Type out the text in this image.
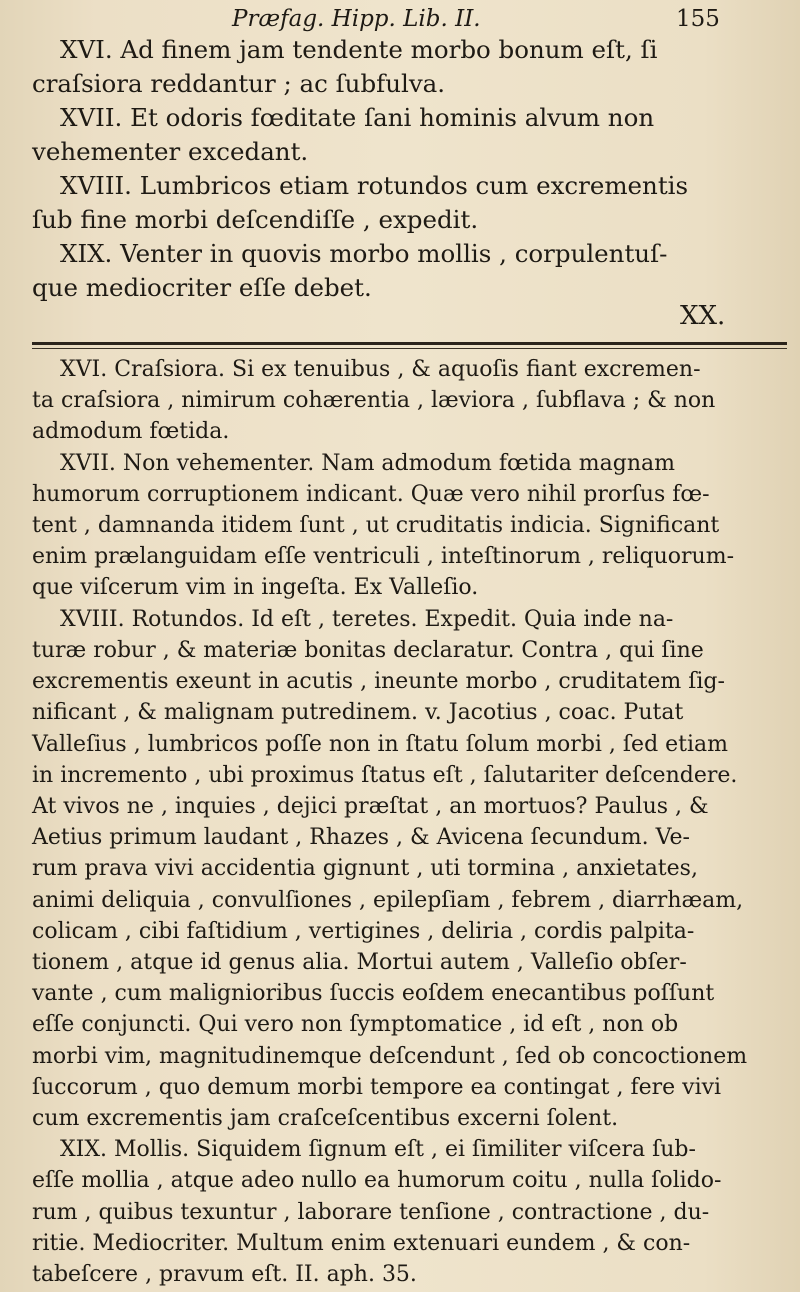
Præfag. Hipp. Lib. II.	155
XVI. Ad finem jam tendente morbo bonum eſt, ſi
craſsiora reddantur ; ac ſubfulva.
XVII. Et odoris fœditate ſani hominis alvum non
vehementer excedant.
XVIII. Lumbricos etiam rotundos cum excrementis
ſub fine morbi deſcendiſſe , expedit.
XIX. Venter in quovis morbo mollis , corpulentuſ-
que mediocriter eſſe debet.
XX.
XVI. Craſsiora. Si ex tenuibus , & aquoſis fiant excremen-
ta craſsiora , nimirum cohærentia , læviora , ſubflava ; & non
admodum fœtida.
XVII. Non vehementer. Nam admodum fœtida magnam
humorum corruptionem indicant. Quæ vero nihil prorſus fœ-
tent , damnanda itidem ſunt , ut cruditatis indicia. Significant
enim prælanguidam eſſe ventriculi , inteſtinorum , reliquorum-
que viſcerum vim in ingeſta. Ex Valleſio.
XVIII. Rotundos. Id eſt , teretes. Expedit. Quia inde na-
turæ robur , & materiæ bonitas declaratur. Contra , qui ſine
excrementis exeunt in acutis , ineunte morbo , cruditatem ſig-
nificant , & malignam putredinem. v. Jacotius , coac. Putat
Valleſius , lumbricos poſſe non in ſtatu ſolum morbi , ſed etiam
in incremento , ubi proximus ſtatus eſt , ſalutariter deſcendere.
At vivos ne , inquies , dejici præſtat , an mortuos? Paulus , &
Aetius primum laudant , Rhazes , & Avicena ſecundum. Ve-
rum prava vivi accidentia gignunt , uti tormina , anxietates,
animi deliquia , convulſiones , epilepſiam , febrem , diarrhæam,
colicam , cibi faſtidium , vertigines , deliria , cordis palpita-
tionem , atque id genus alia. Mortui autem , Valleſio obſer-
vante , cum malignioribus ſuccis eoſdem enecantibus poſſunt
eſſe conjuncti. Qui vero non ſymptomatice , id eſt , non ob
morbi vim, magnitudinemque deſcendunt , ſed ob concoctionem
ſuccorum , quo demum morbi tempore ea contingat , fere vivi
cum excrementis jam craſceſcentibus excerni ſolent.
XIX. Mollis. Siquidem ſignum eſt , ei ſimiliter viſcera ſub-
eſſe mollia , atque adeo nullo ea humorum coitu , nulla ſolido-
rum , quibus texuntur , laborare tenſione , contractione , du-
ritie. Mediocriter. Multum enim extenuari eundem , & con-
tabeſcere , pravum eſt. II. aph. 35.
